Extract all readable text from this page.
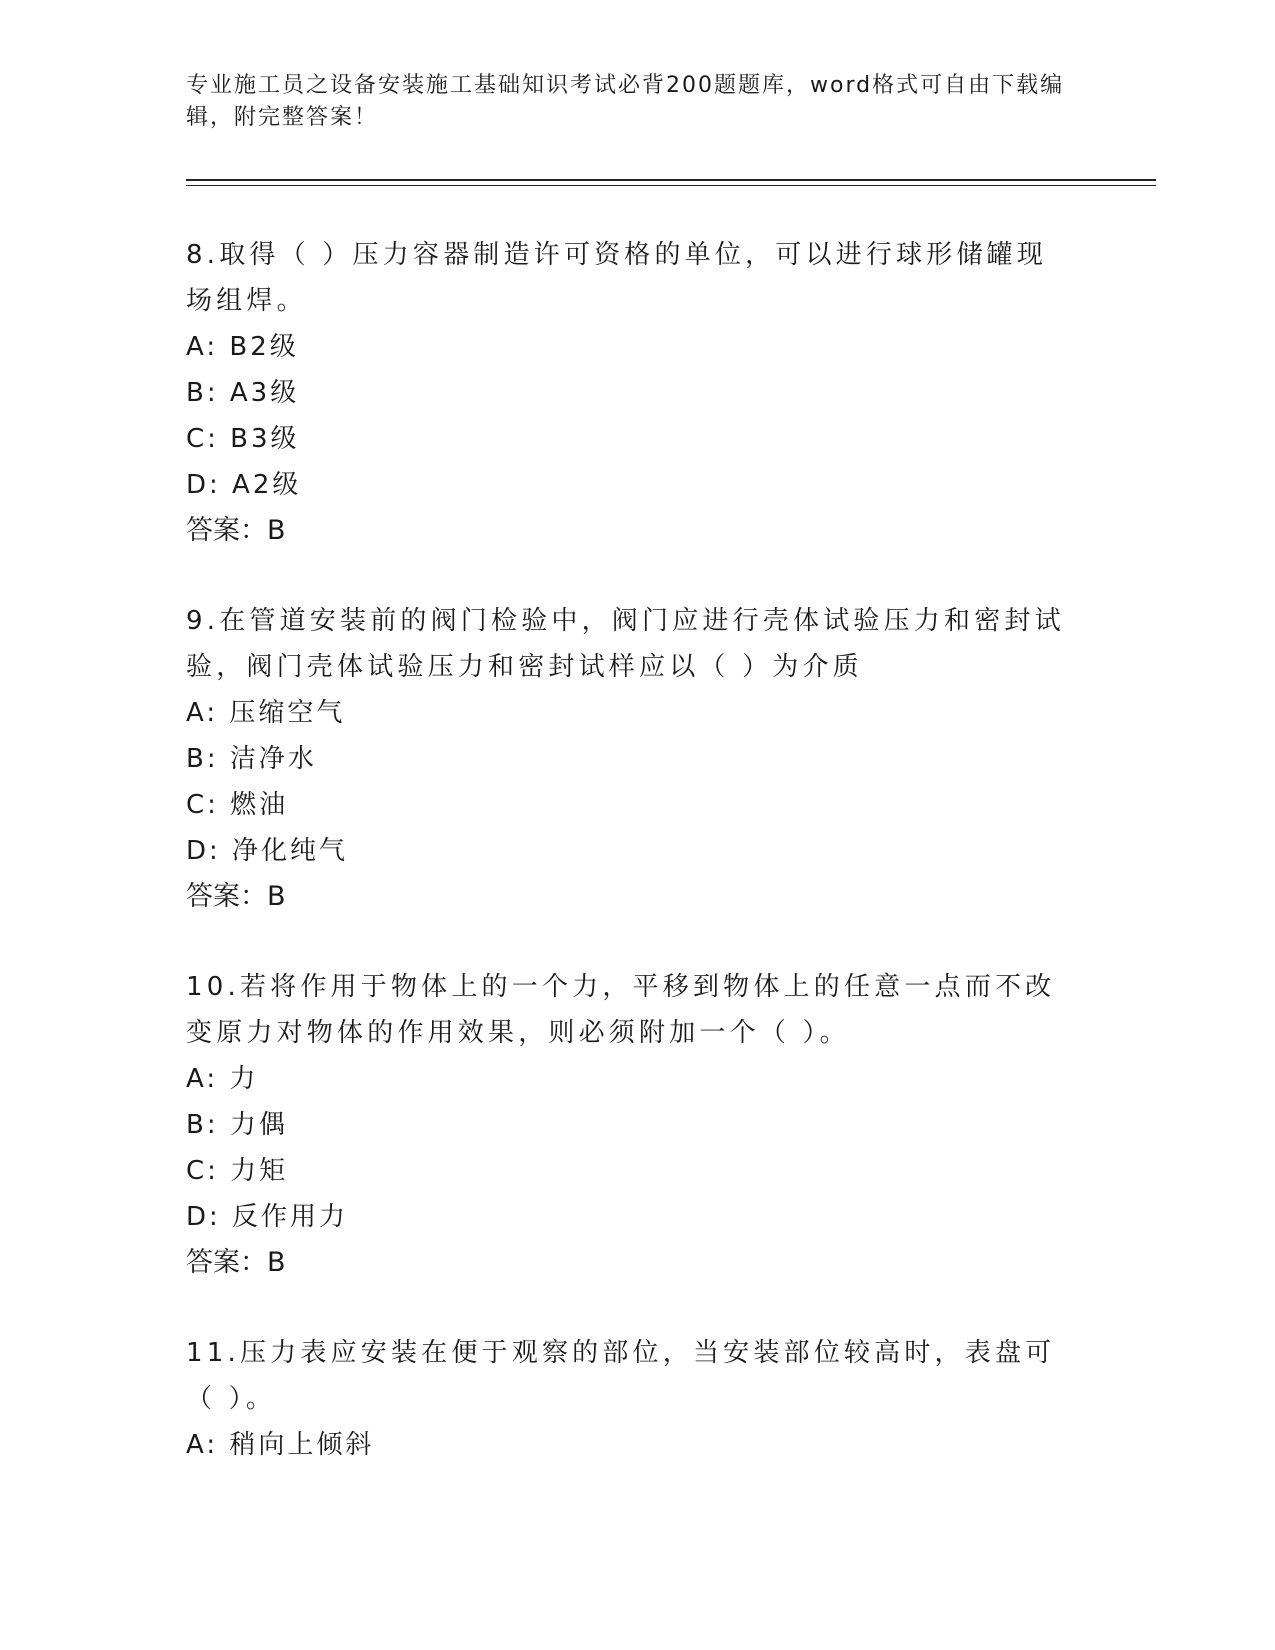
专业施工员之设备安装施工基础知识考试必背200题题库，word格式可自由下载编辑，附完整答案！

8.取得（ ）压力容器制造许可资格的单位，可以进行球形储罐现场组焊。

A: B2级

B: A3级

C: B3级

D: A2级

答案：B

9.在管道安装前的阀门检验中，阀门应进行壳体试验压力和密封试验，阀门壳体试验压力和密封试样应以（ ）为介质

A: 压缩空气

B: 洁净水

C: 燃油

D: 净化纯气

答案：B

10.若将作用于物体上的一个力，平移到物体上的任意一点而不改变原力对物体的作用效果，则必须附加一个（ ）。

A: 力

B: 力偶

C: 力矩

D: 反作用力

答案：B

11.压力表应安装在便于观察的部位，当安装部位较高时，表盘可（ ）。

A: 稍向上倾斜
